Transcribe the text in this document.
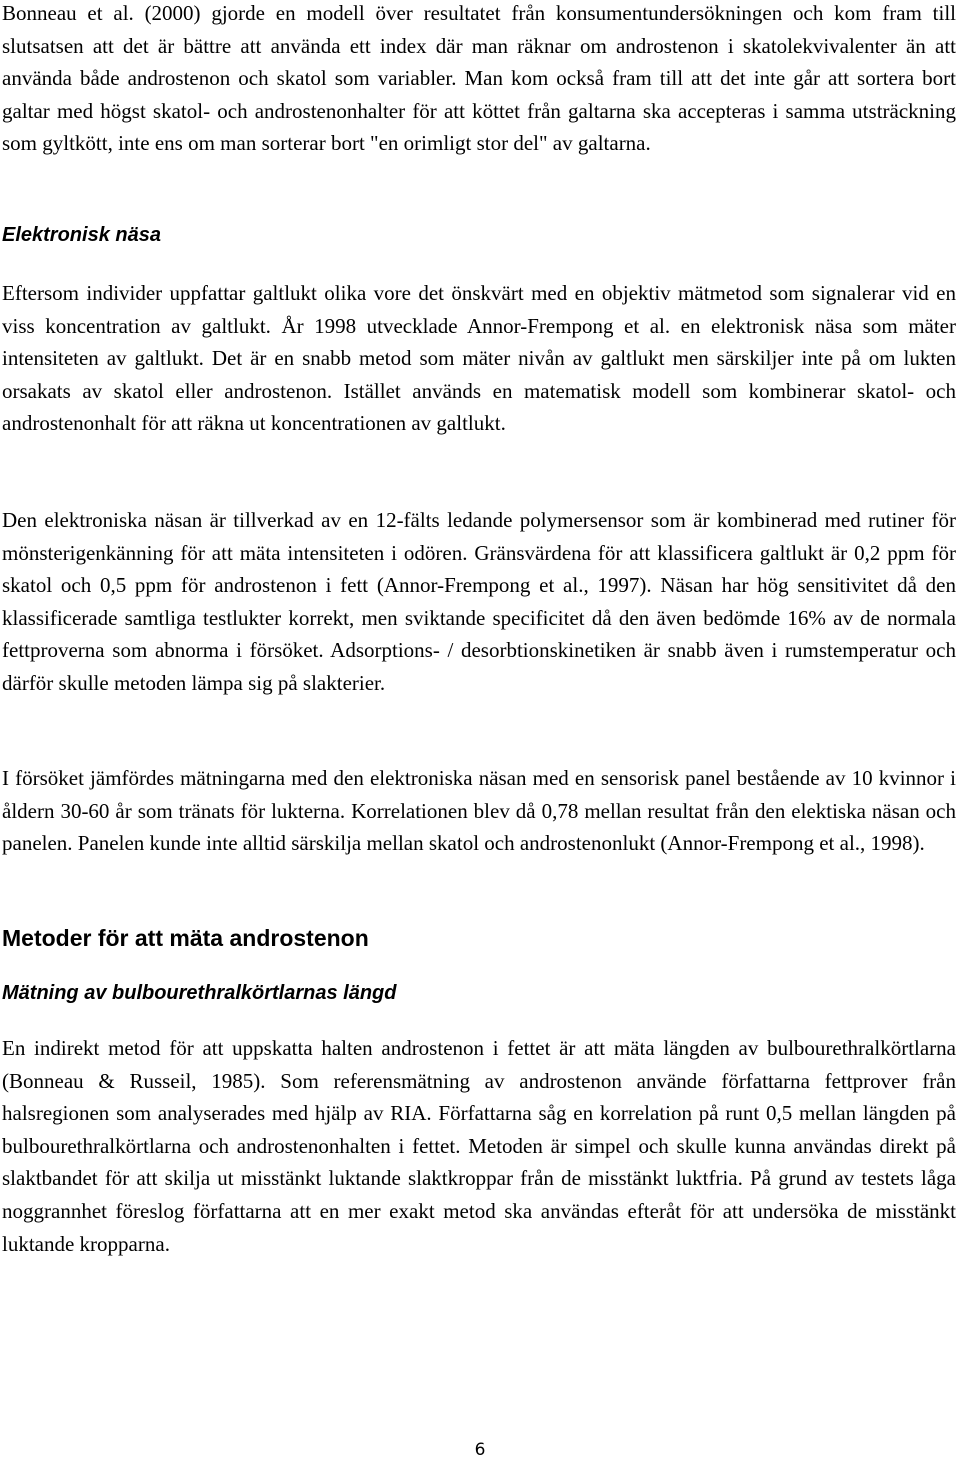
Bonneau et al. (2000) gjorde en modell över resultatet från konsumentundersökningen och kom fram till slutsatsen att det är bättre att använda ett index där man räknar om androstenon i skatolekvivalenter än att använda både androstenon och skatol som variabler. Man kom också fram till att det inte går att sortera bort galtar med högst skatol- och androstenonhalter för att köttet från galtarna ska accepteras i samma utsträckning som gyltkött, inte ens om man sorterar bort "en orimligt stor del" av galtarna.

Elektronisk näsa

Eftersom individer uppfattar galtlukt olika vore det önskvärt med en objektiv mätmetod som signalerar vid en viss koncentration av galtlukt. År 1998 utvecklade Annor-Frempong et al. en elektronisk näsa som mäter intensiteten av galtlukt. Det är en snabb metod som mäter nivån av galtlukt men särskiljer inte på om lukten orsakats av skatol eller androstenon. Istället används en matematisk modell som kombinerar skatol- och androstenonhalt för att räkna ut koncentrationen av galtlukt.

Den elektroniska näsan är tillverkad av en 12-fälts ledande polymersensor som är kombinerad med rutiner för mönsterigenkänning för att mäta intensiteten i odören. Gränsvärdena för att klassificera galtlukt är 0,2 ppm för skatol och 0,5 ppm för androstenon i fett (Annor-Frempong et al., 1997). Näsan har hög sensitivitet då den klassificerade samtliga testlukter korrekt, men sviktande specificitet då den även bedömde 16% av de normala fettproverna som abnorma i försöket. Adsorptions- / desorbtionskinetiken är snabb även i rumstemperatur och därför skulle metoden lämpa sig på slakterier.

I försöket jämfördes mätningarna med den elektroniska näsan med en sensorisk panel bestående av 10 kvinnor i åldern 30-60 år som tränats för lukterna. Korrelationen blev då 0,78 mellan resultat från den elektiska näsan och panelen. Panelen kunde inte alltid särskilja mellan skatol och androstenonlukt (Annor-Frempong et al., 1998).

Metoder för att mäta androstenon
Mätning av bulbourethralkörtlarnas längd

En indirekt metod för att uppskatta halten androstenon i fettet är att mäta längden av bulbourethralkörtlarna (Bonneau & Russeil, 1985). Som referensmätning av androstenon använde författarna fettprover från halsregionen som analyserades med hjälp av RIA. Författarna såg en korrelation på runt 0,5 mellan längden på bulbourethralkörtlarna och androstenonhalten i fettet. Metoden är simpel och skulle kunna användas direkt på slaktbandet för att skilja ut misstänkt luktande slaktkroppar från de misstänkt luktfria. På grund av testets låga noggrannhet föreslog författarna att en mer exakt metod ska användas efteråt för att undersöka de misstänkt luktande kropparna.

6
